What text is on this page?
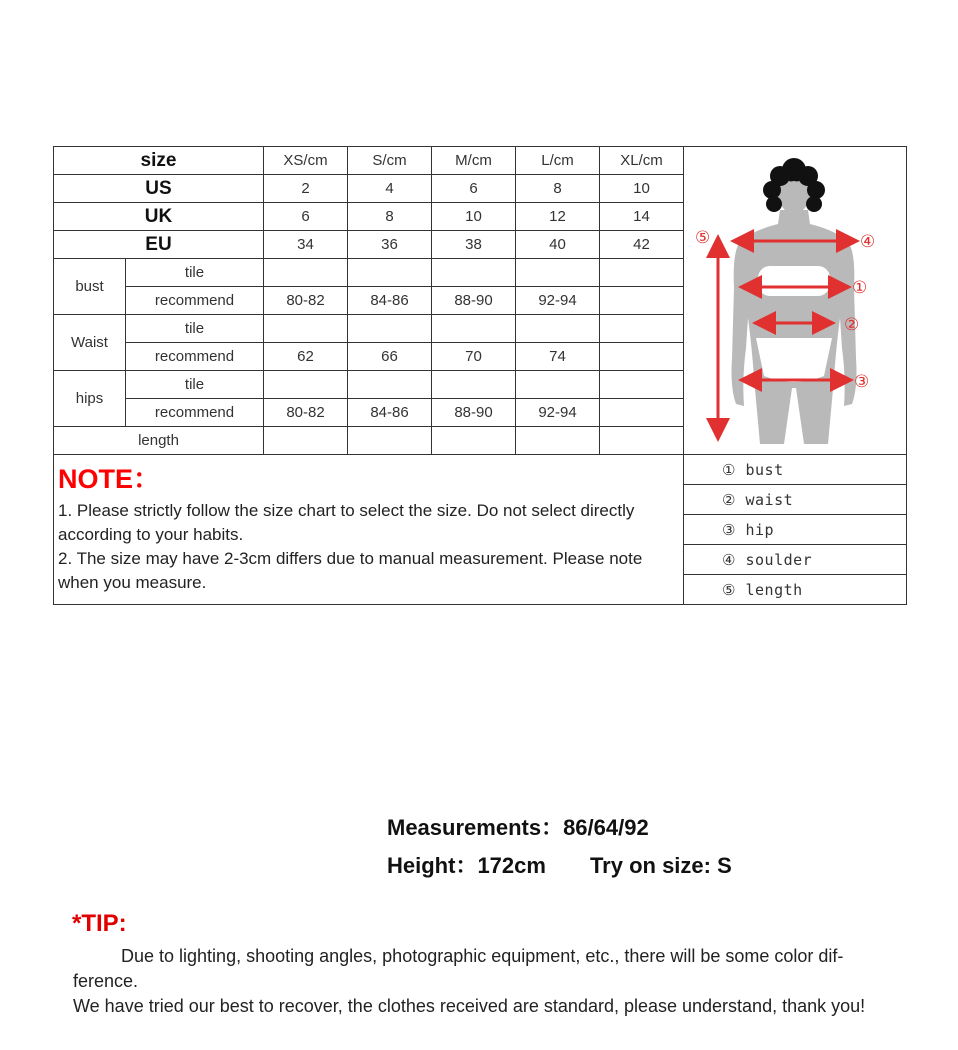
size		XS/cm	S/cm	M/cm	L/cm	XL/cm	①
②
③
④
⑤

US		2	4	6	8	10	
UK		6	8	10	12	14	
EU		34	36	38	40	42	
bust	tile						
	recommend	80-82	84-86	88-90	92-94		
Waist	tile						
	recommend	62	66	70	74		
hips	tile						
	recommend	80-82	84-86	88-90	92-94		
length							

NOTE：
1. Please strictly follow the size chart to select the size. Do not select directly according to your habits.
2. The size may have 2-3cm differs due to manual measurement. Please note when you measure.							① bust
							② waist
							③ hip
							④ soulder
							⑤ length
Measurements：86/64/92
Height：172cm Try on size: S
*TIP:
Due to lighting, shooting angles, photographic equipment, etc., there will be some color dif-ference.
We have tried our best to recover, the clothes received are standard, please understand, thank you!
